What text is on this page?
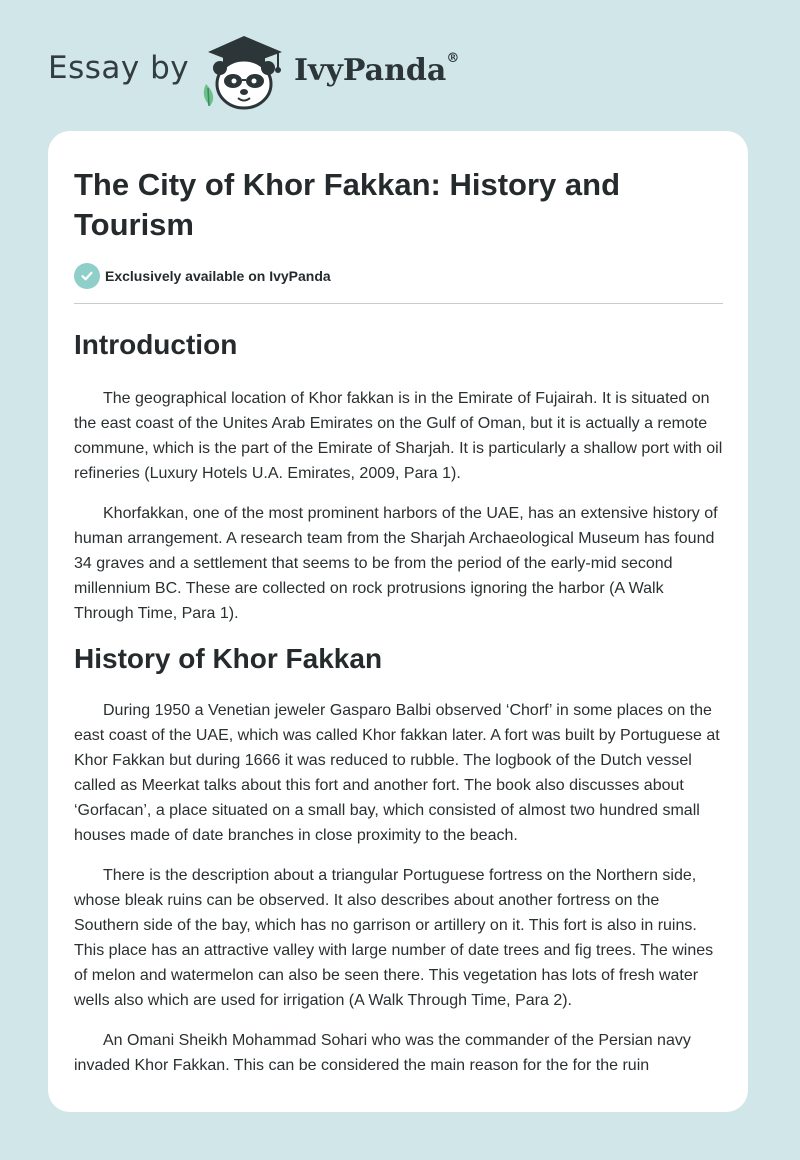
Essay by	IvyPanda®
The City of Khor Fakkan: History and Tourism
Exclusively available on IvyPanda
Introduction

The geographical location of Khor fakkan is in the Emirate of Fujairah. It is situated on the east coast of the Unites Arab Emirates on the Gulf of Oman, but it is actually a remote commune, which is the part of the Emirate of Sharjah. It is particularly a shallow port with oil refineries (Luxury Hotels U.A. Emirates, 2009, Para 1).

Khorfakkan, one of the most prominent harbors of the UAE, has an extensive history of human arrangement. A research team from the Sharjah Archaeological Museum has found 34 graves and a settlement that seems to be from the period of the early-mid second millennium BC. These are collected on rock protrusions ignoring the harbor (A Walk Through Time, Para 1).

History of Khor Fakkan

During 1950 a Venetian jeweler Gasparo Balbi observed ‘Chorf’ in some places on the east coast of the UAE, which was called Khor fakkan later. A fort was built by Portuguese at Khor Fakkan but during 1666 it was reduced to rubble. The logbook of the Dutch vessel called as Meerkat talks about this fort and another fort. The book also discusses about ‘Gorfacan’, a place situated on a small bay, which consisted of almost two hundred small houses made of date branches in close proximity to the beach.

There is the description about a triangular Portuguese fortress on the Northern side, whose bleak ruins can be observed. It also describes about another fortress on the Southern side of the bay, which has no garrison or artillery on it. This fort is also in ruins. This place has an attractive valley with large number of date trees and fig trees. The wines of melon and watermelon can also be seen there. This vegetation has lots of fresh water wells also which are used for irrigation (A Walk Through Time, Para 2).

An Omani Sheikh Mohammad Sohari who was the commander of the Persian navy invaded Khor Fakkan. This can be considered the main reason for the for the ruin
